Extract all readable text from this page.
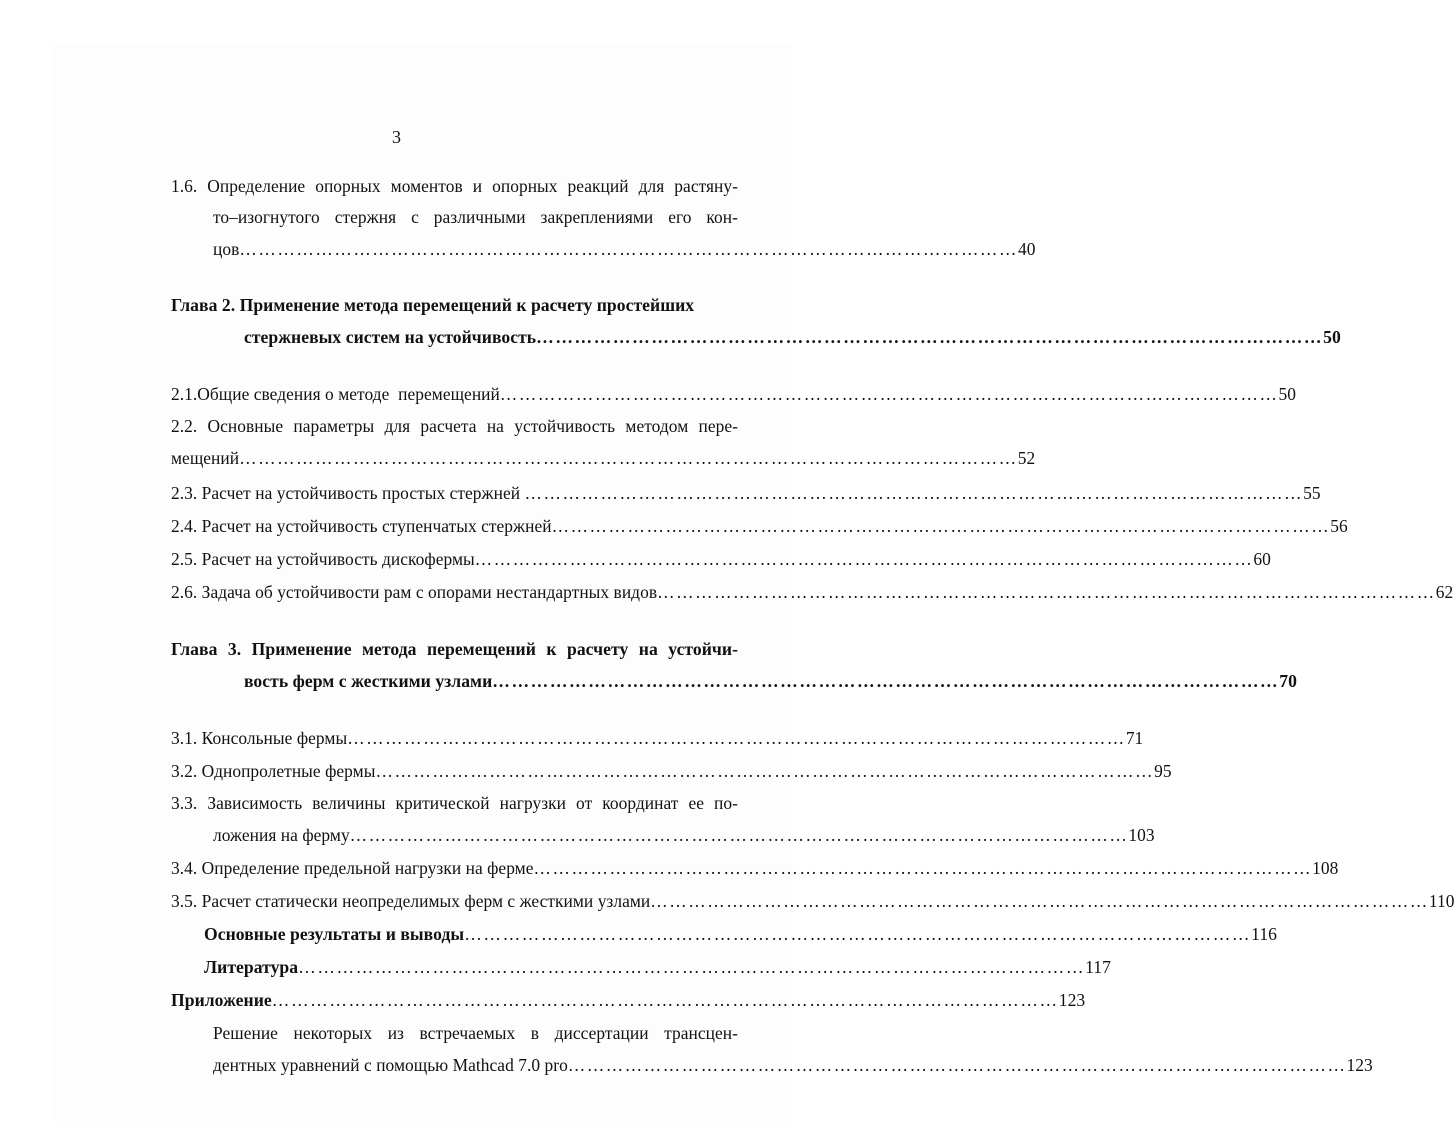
3
1.6. Определение опорных моментов и опорных реакций для растяну-
то–изогнутого стержня с различными закреплениями его кон-
цов …………………………………………………………………………………………………………… 40
Глава 2. Применение метода перемещений к расчету простейших
стержневых систем на устойчивость …………………………………………………………………………………………………………… 50
2.1.Общие сведения о методе  перемещений …………………………………………………………………………………………………………… 50
2.2. Основные параметры для расчета на устойчивость методом пере-
мещений …………………………………………………………………………………………………………… 52
2.3. Расчет на устойчивость простых стержней …………………………………………………………………………………………………………… 55
2.4. Расчет на устойчивость ступенчатых стержней …………………………………………………………………………………………………………… 56
2.5. Расчет на устойчивость дискофермы …………………………………………………………………………………………………………… 60
2.6. Задача об устойчивости рам с опорами нестандартных видов …………………………………………………………………………………………………………… 62
Глава 3. Применение метода перемещений к расчету на устойчи-
вость ферм с жесткими узлами …………………………………………………………………………………………………………… 70
3.1. Консольные фермы …………………………………………………………………………………………………………… 71
3.2. Однопролетные фермы …………………………………………………………………………………………………………… 95
3.3. Зависимость величины критической нагрузки от координат ее по-
ложения на ферму …………………………………………………………………………………………………………… 103
3.4. Определение предельной нагрузки на ферме …………………………………………………………………………………………………………… 108
3.5. Расчет статически неопределимых ферм с жесткими узлами …………………………………………………………………………………………………………… 110
Основные результаты и выводы …………………………………………………………………………………………………………… 116
Литература …………………………………………………………………………………………………………… 117
Приложение …………………………………………………………………………………………………………… 123
Решение некоторых из встречаемых в диссертации трансцен-
дентных уравнений с помощью Mathcad 7.0 pro …………………………………………………………………………………………………………… 123
